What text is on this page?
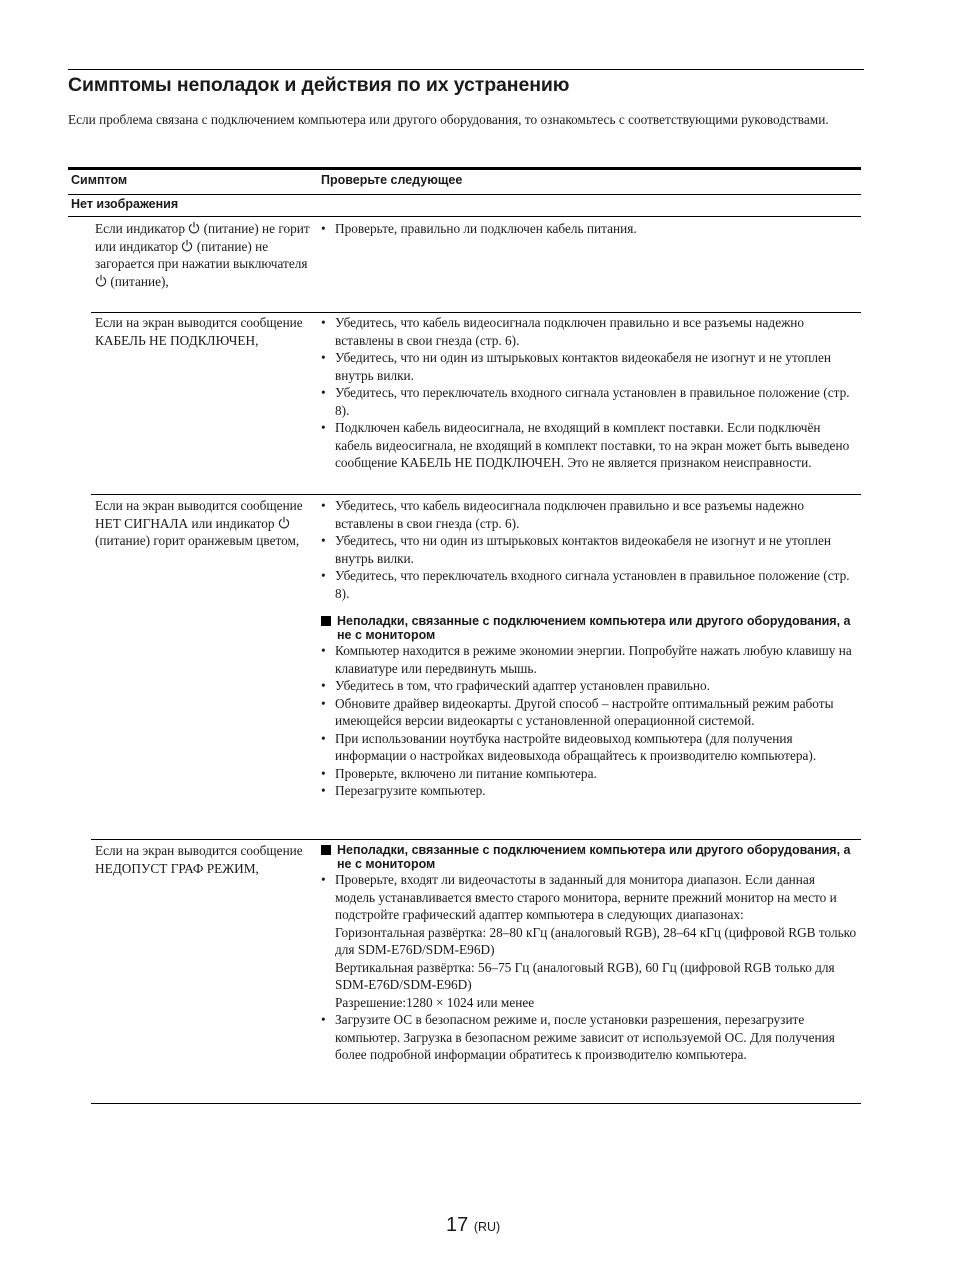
Симптомы неполадок и действия по их устранению

Если проблема связана с подключением компьютера или другого оборудования, то ознакомьтесь с соответствующими руководствами.

Симптом	Проверьте следующее
Нет изображения
Если индикатор  (питание) не горит или индикатор  (питание) не загорается при нажатии выключателя  (питание),
• Проверьте, правильно ли подключен кабель питания.
Если на экран выводится сообщение КАБЕЛЬ НЕ ПОДКЛЮЧЕН,
• Убедитесь, что кабель видеосигнала подключен правильно и все разъемы надежно вставлены в свои гнезда (стр. 6).
• Убедитесь, что ни один из штырьковых контактов видеокабеля не изогнут и не утоплен внутрь вилки.
• Убедитесь, что переключатель входного сигнала установлен в правильное положение (стр. 8).
• Подключен кабель видеосигнала, не входящий в комплект поставки. Если подключён кабель видеосигнала, не входящий в комплект поставки, то на экран может быть выведено сообщение КАБЕЛЬ НЕ ПОДКЛЮЧЕН. Это не является признаком неисправности.
Если на экран выводится сообщение НЕТ СИГНАЛА или индикатор  (питание) горит оранжевым цветом,
• Убедитесь, что кабель видеосигнала подключен правильно и все разъемы надежно вставлены в свои гнезда (стр. 6).
• Убедитесь, что ни один из штырьковых контактов видеокабеля не изогнут и не утоплен внутрь вилки.
• Убедитесь, что переключатель входного сигнала установлен в правильное положение (стр. 8).

Неполадки, связанные с подключением компьютера или другого оборудования, а не с монитором

• Компьютер находится в режиме экономии энергии. Попробуйте нажать любую клавишу на клавиатуре или передвинуть мышь.
• Убедитесь в том, что графический адаптер установлен правильно.
• Обновите драйвер видеокарты. Другой способ – настройте оптимальный режим работы имеющейся версии видеокарты с установленной операционной системой.
• При использовании ноутбука настройте видеовыход компьютера (для получения информации о настройках видеовыхода обращайтесь к производителю компьютера).
• Проверьте, включено ли питание компьютера.
• Перезагрузите компьютер.
Если на экран выводится сообщение НЕДОПУСТ ГРАФ РЕЖИМ,

Неполадки, связанные с подключением компьютера или другого оборудования, а не с монитором

• Проверьте, входят ли видеочастоты в заданный для монитора диапазон. Если данная модель устанавливается вместо старого монитора, верните прежний монитор на место и подстройте графический адаптер компьютера в следующих диапазонах:
Горизонтальная развёртка: 28–80 кГц (аналоговый RGB), 28–64 кГц (цифровой RGB только для SDM-E76D/SDM-E96D)
Вертикальная развёртка: 56–75 Гц (аналоговый RGB), 60 Гц (цифровой RGB только для SDM-E76D/SDM-E96D)
Разрешение:1280 × 1024 или менее
• Загрузите ОС в безопасном режиме и, после установки разрешения, перезагрузите компьютер. Загрузка в безопасном режиме зависит от используемой ОС. Для получения более подробной информации обратитесь к производителю компьютера.
17 (RU)
